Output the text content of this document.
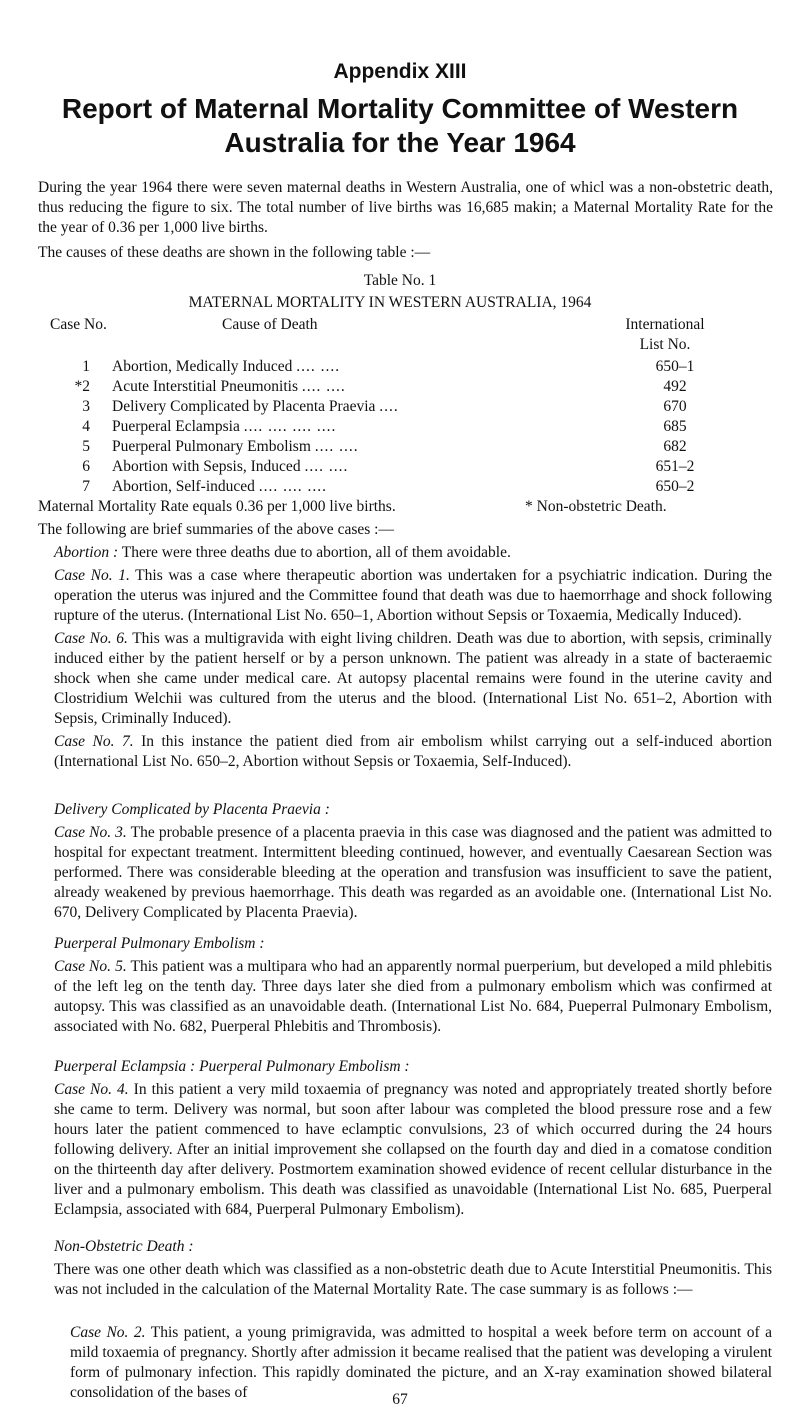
Appendix XIII
Report of Maternal Mortality Committee of Western
Australia for the Year 1964

During the year 1964 there were seven maternal deaths in Western Australia, one of whicl was a non-obstetric death, thus reducing the figure to six. The total number of live births was 16,685 makin; a Maternal Mortality Rate for the the year of 0.36 per 1,000 live births.

The causes of these deaths are shown in the following table :—

Table No. 1
MATERNAL MORTALITY IN WESTERN AUSTRALIA, 1964
Case No.	Cause of Death	International
List No.
1 Abortion, Medically Induced .... ....	650–1
*2 Acute Interstitial Pneumonitis .... ....	492
3 Delivery Complicated by Placenta Praevia ....	670
4 Puerperal Eclampsia .... .... .... ....	685
5 Puerperal Pulmonary Embolism .... ....	682
6 Abortion with Sepsis, Induced .... ....	651–2
7 Abortion, Self-induced .... .... ....	650–2
Maternal Mortality Rate equals 0.36 per 1,000 live births.	* Non-obstetric Death.

The following are brief summaries of the above cases :—

Abortion : There were three deaths due to abortion, all of them avoidable.

Case No. 1. This was a case where therapeutic abortion was undertaken for a psychiatric indication. During the operation the uterus was injured and the Committee found that death was due to haemorrhage and shock following rupture of the uterus. (International List No. 650–1, Abortion without Sepsis or Toxaemia, Medically Induced).

Case No. 6. This was a multigravida with eight living children. Death was due to abortion, with sepsis, criminally induced either by the patient herself or by a person unknown. The patient was already in a state of bacteraemic shock when she came under medical care. At autopsy placental remains were found in the uterine cavity and Clostridium Welchii was cultured from the uterus and the blood. (International List No. 651–2, Abortion with Sepsis, Criminally Induced).

Case No. 7. In this instance the patient died from air embolism whilst carrying out a self-induced abortion (International List No. 650–2, Abortion without Sepsis or Toxaemia, Self-Induced).

Delivery Complicated by Placenta Praevia :

Case No. 3. The probable presence of a placenta praevia in this case was diagnosed and the patient was admitted to hospital for expectant treatment. Intermittent bleeding continued, however, and eventually Caesarean Section was performed. There was considerable bleeding at the operation and transfusion was insufficient to save the patient, already weakened by previous haemorrhage. This death was regarded as an avoidable one. (International List No. 670, Delivery Complicated by Placenta Praevia).

Puerperal Pulmonary Embolism :

Case No. 5. This patient was a multipara who had an apparently normal puerperium, but developed a mild phlebitis of the left leg on the tenth day. Three days later she died from a pulmonary embolism which was confirmed at autopsy. This was classified as an unavoidable death. (International List No. 684, Pueperral Pulmonary Embolism, associated with No. 682, Puerperal Phlebitis and Thrombosis).

Puerperal Eclampsia : Puerperal Pulmonary Embolism :

Case No. 4. In this patient a very mild toxaemia of pregnancy was noted and appropriately treated shortly before she came to term. Delivery was normal, but soon after labour was completed the blood pressure rose and a few hours later the patient commenced to have eclamptic convulsions, 23 of which occurred during the 24 hours following delivery. After an initial improvement she collapsed on the fourth day and died in a comatose condition on the thirteenth day after delivery. Postmortem examination showed evidence of recent cellular disturbance in the liver and a pulmonary embolism. This death was classified as unavoidable (International List No. 685, Puerperal Eclampsia, associated with 684, Puerperal Pulmonary Embolism).

Non-Obstetric Death :

There was one other death which was classified as a non-obstetric death due to Acute Interstitial Pneumonitis. This was not included in the calculation of the Maternal Mortality Rate. The case summary is as follows :—

Case No. 2. This patient, a young primigravida, was admitted to hospital a week before term on account of a mild toxaemia of pregnancy. Shortly after admission it became realised that the patient was developing a virulent form of pulmonary infection. This rapidly dominated the picture, and an X-ray examination showed bilateral consolidation of the bases of	67
